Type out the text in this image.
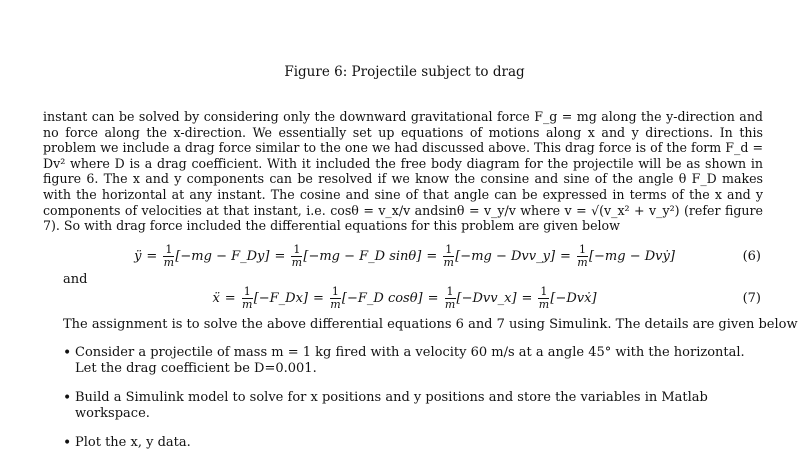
Figure 6: Projectile subject to drag
instant can be solved by considering only the downward gravitational force F_g = mg along the y-direction and no force along the x-direction. We essentially set up equations of motions along x and y directions. In this problem we include a drag force similar to the one we had discussed above. This drag force is of the form F_d = Dv² where D is a drag coefficient. With it included the free body diagram for the projectile will be as shown in figure 6. The x and y components can be resolved if we know the consine and sine of the angle θ F_D makes with the horizontal at any instant. The cosine and sine of that angle can be expressed in terms of the x and y components of velocities at that instant, i.e. cosθ = v_x/v andsinθ = v_y/v where v = √(v_x² + v_y²) (refer figure 7). So with drag force included the differential equations for this problem are given below
ÿ = $\frac{1}{m} [-mg$ − F_Dy] = $\frac{1}{m} [-mg$ − F_D $\sin\theta] = \frac{1}{m} [-mg$ − Dvv_y] = $\frac{1}{m} [-mg$ − Dvẏ]	(6)
and
ẍ = $\frac{1}{m}$ [−F_Dx] = $\frac{1}{m}$ [−F_D $\cos\theta] = \frac{1}{m}$ [−Dvv_x] = $\frac{1}{m}$ [−Dvẋ]	(7)
The assignment is to solve the above differential equations 6 and 7 using Simulink. The details are given below
• Consider a projectile of mass m = 1 kg fired with a velocity 60 m/s at a angle 45° with the horizontal. Let the drag coefficient be D=0.001.
• Build a Simulink model to solve for x positions and y positions and store the variables in Matlab workspace.
• Plot the x, y data.
